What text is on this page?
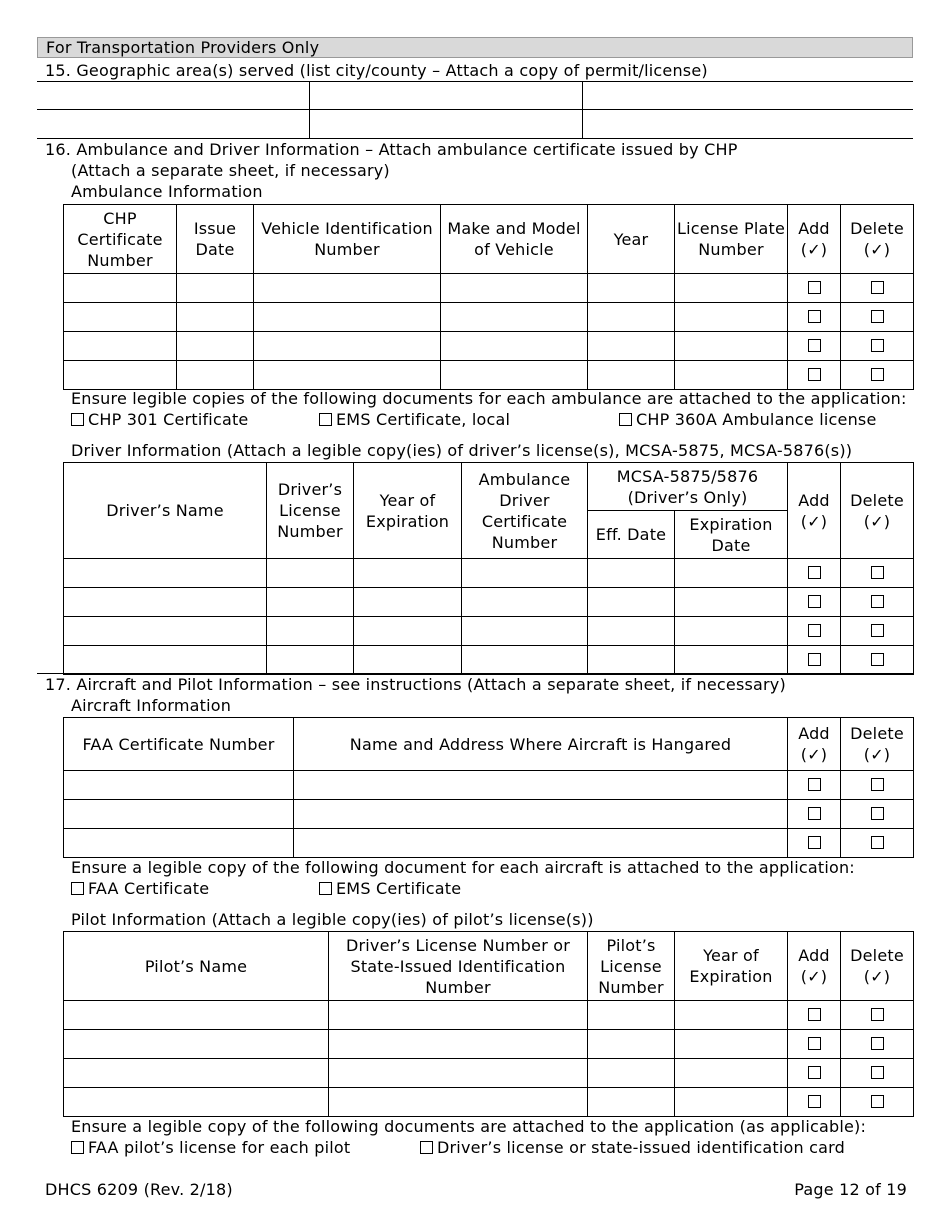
For Transportation Providers Only
15. Geographic area(s) served (list city/county – Attach a copy of permit/license)
16. Ambulance and Driver Information – Attach ambulance certificate issued by CHP
(Attach a separate sheet, if necessary)
Ambulance Information
CHP Certificate Number	Issue Date	Vehicle Identification Number	Make and Model of Vehicle	Year	License Plate Number	Add (✓)	Delete (✓)

Ensure legible copies of the following documents for each ambulance are attached to the application:
CHP 301 Certificate	EMS Certificate, local	CHP 360A Ambulance license
Driver Information (Attach a legible copy(ies) of driver’s license(s), MCSA-5875, MCSA-5876(s))
Driver’s Name	Driver’s License Number	Year of Expiration	Ambulance Driver Certificate Number	MCSA-5875/5876 (Driver’s Only)		Add (✓)	Delete (✓)
				Eff. Date	Expiration Date		

17. Aircraft and Pilot Information – see instructions (Attach a separate sheet, if necessary)
Aircraft Information
FAA Certificate Number	Name and Address Where Aircraft is Hangared	Add (✓)	Delete (✓)

Ensure a legible copy of the following document for each aircraft is attached to the application:
FAA Certificate	EMS Certificate
Pilot Information (Attach a legible copy(ies) of pilot’s license(s))
Pilot’s Name	Driver’s License Number or State-Issued Identification Number	Pilot’s License Number	Year of Expiration	Add (✓)	Delete (✓)

Ensure a legible copy of the following documents are attached to the application (as applicable):
FAA pilot’s license for each pilot	Driver’s license or state-issued identification card
DHCS 6209 (Rev. 2/18)	Page 12 of 19
